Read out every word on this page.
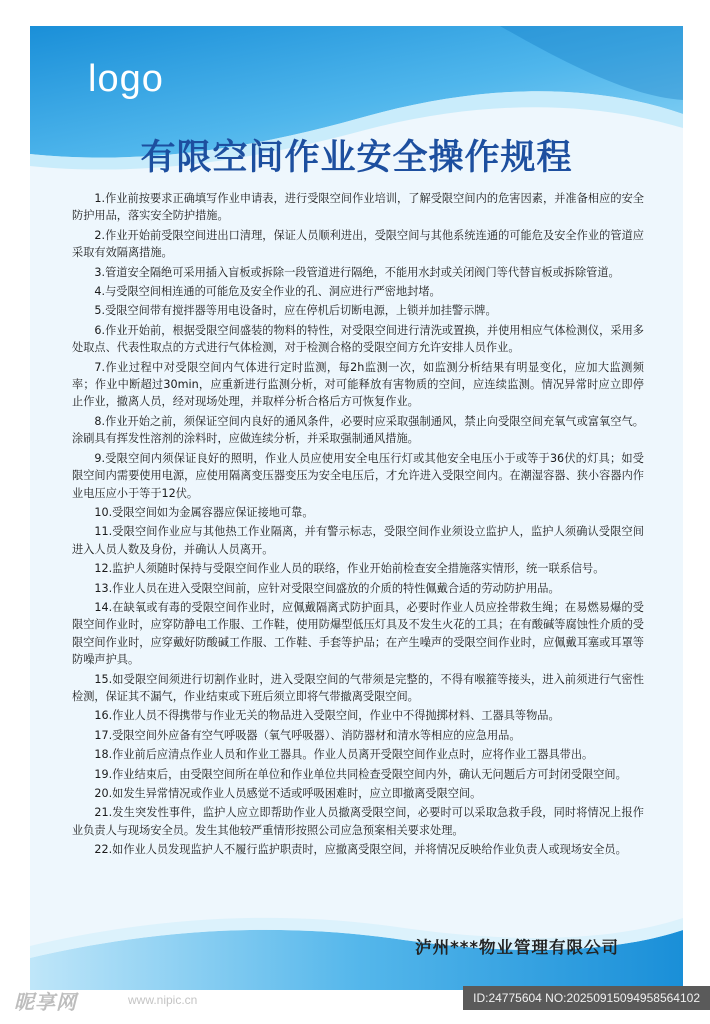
logo
有限空间作业安全操作规程

1.作业前按要求正确填写作业申请表，进行受限空间作业培训，了解受限空间内的危害因素，并准备相应的安全防护用品，落实安全防护措施。

2.作业开始前受限空间进出口清理，保证人员顺利进出，受限空间与其他系统连通的可能危及安全作业的管道应采取有效隔离措施。

3.管道安全隔绝可采用插入盲板或拆除一段管道进行隔绝，不能用水封或关闭阀门等代替盲板或拆除管道。

4.与受限空间相连通的可能危及安全作业的孔、洞应进行严密地封堵。

5.受限空间带有搅拌器等用电设备时，应在停机后切断电源，上锁并加挂警示牌。

6.作业开始前，根据受限空间盛装的物料的特性，对受限空间进行清洗或置换，并使用相应气体检测仪，采用多处取点、代表性取点的方式进行气体检测，对于检测合格的受限空间方允许安排人员作业。

7.作业过程中对受限空间内气体进行定时监测，每2h监测一次，如监测分析结果有明显变化，应加大监测频率；作业中断超过30min，应重新进行监测分析，对可能释放有害物质的空间，应连续监测。情况异常时应立即停止作业，撤离人员，经对现场处理，并取样分析合格后方可恢复作业。

8.作业开始之前，须保证空间内良好的通风条件，必要时应采取强制通风，禁止向受限空间充氧气或富氧空气。涂刷具有挥发性溶剂的涂料时，应做连续分析，并采取强制通风措施。

9.受限空间内须保证良好的照明，作业人员应使用安全电压行灯或其他安全电压小于或等于36伏的灯具；如受限空间内需要使用电源，应使用隔离变压器变压为安全电压后，才允许进入受限空间内。在潮湿容器、狭小容器内作业电压应小于等于12伏。

10.受限空间如为金属容器应保证接地可靠。

11.受限空间作业应与其他热工作业隔离，并有警示标志，受限空间作业须设立监护人，监护人须确认受限空间进入人员人数及身份，并确认人员离开。

12.监护人须随时保持与受限空间作业人员的联络，作业开始前检查安全措施落实情形，统一联系信号。

13.作业人员在进入受限空间前，应针对受限空间盛放的介质的特性佩戴合适的劳动防护用品。

14.在缺氧或有毒的受限空间作业时，应佩戴隔离式防护面具，必要时作业人员应拴带救生绳；在易燃易爆的受限空间作业时，应穿防静电工作服、工作鞋，使用防爆型低压灯具及不发生火花的工具；在有酸碱等腐蚀性介质的受限空间作业时，应穿戴好防酸碱工作服、工作鞋、手套等护品；在产生噪声的受限空间作业时，应佩戴耳塞或耳罩等防噪声护具。

15.如受限空间须进行切割作业时，进入受限空间的气带须是完整的，不得有喉箍等接头，进入前须进行气密性检测，保证其不漏气，作业结束或下班后须立即将气带撤离受限空间。

16.作业人员不得携带与作业无关的物品进入受限空间，作业中不得抛掷材料、工器具等物品。

17.受限空间外应备有空气呼吸器（氧气呼吸器）、消防器材和清水等相应的应急用品。

18.作业前后应清点作业人员和作业工器具。作业人员离开受限空间作业点时，应将作业工器具带出。

19.作业结束后，由受限空间所在单位和作业单位共同检查受限空间内外，确认无问题后方可封闭受限空间。

20.如发生异常情况或作业人员感觉不适或呼吸困难时，应立即撤离受限空间。

21.发生突发性事件，监护人应立即帮助作业人员撤离受限空间，必要时可以采取急救手段，同时将情况上报作业负责人与现场安全员。发生其他较严重情形按照公司应急预案相关要求处理。

22.如作业人员发现监护人不履行监护职责时，应撤离受限空间，并将情况反映给作业负责人或现场安全员。

泸州***物业管理有限公司
昵享网	www.nipic.cn	ID:24775604 NO:20250915094958564102
